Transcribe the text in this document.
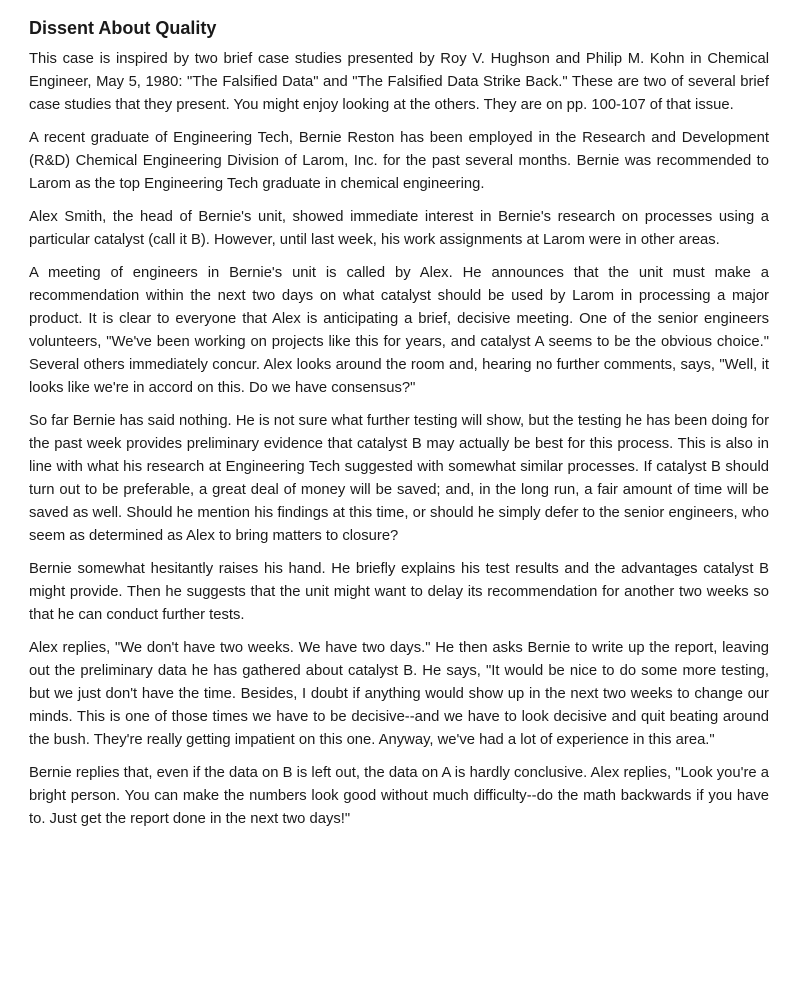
Dissent About Quality

This case is inspired by two brief case studies presented by Roy V. Hughson and Philip M. Kohn in Chemical Engineer, May 5, 1980: "The Falsified Data" and "The Falsified Data Strike Back." These are two of several brief case studies that they present. You might enjoy looking at the others. They are on pp. 100-107 of that issue.

A recent graduate of Engineering Tech, Bernie Reston has been employed in the Research and Development (R&D) Chemical Engineering Division of Larom, Inc. for the past several months. Bernie was recommended to Larom as the top Engineering Tech graduate in chemical engineering.

Alex Smith, the head of Bernie's unit, showed immediate interest in Bernie's research on processes using a particular catalyst (call it B). However, until last week, his work assignments at Larom were in other areas.

A meeting of engineers in Bernie's unit is called by Alex. He announces that the unit must make a recommendation within the next two days on what catalyst should be used by Larom in processing a major product. It is clear to everyone that Alex is anticipating a brief, decisive meeting. One of the senior engineers volunteers, "We've been working on projects like this for years, and catalyst A seems to be the obvious choice." Several others immediately concur. Alex looks around the room and, hearing no further comments, says, "Well, it looks like we're in accord on this. Do we have consensus?"

So far Bernie has said nothing. He is not sure what further testing will show, but the testing he has been doing for the past week provides preliminary evidence that catalyst B may actually be best for this process. This is also in line with what his research at Engineering Tech suggested with somewhat similar processes. If catalyst B should turn out to be preferable, a great deal of money will be saved; and, in the long run, a fair amount of time will be saved as well. Should he mention his findings at this time, or should he simply defer to the senior engineers, who seem as determined as Alex to bring matters to closure?

Bernie somewhat hesitantly raises his hand. He briefly explains his test results and the advantages catalyst B might provide. Then he suggests that the unit might want to delay its recommendation for another two weeks so that he can conduct further tests.

Alex replies, "We don't have two weeks. We have two days." He then asks Bernie to write up the report, leaving out the preliminary data he has gathered about catalyst B. He says, "It would be nice to do some more testing, but we just don't have the time. Besides, I doubt if anything would show up in the next two weeks to change our minds. This is one of those times we have to be decisive--and we have to look decisive and quit beating around the bush. They're really getting impatient on this one. Anyway, we've had a lot of experience in this area."

Bernie replies that, even if the data on B is left out, the data on A is hardly conclusive. Alex replies, "Look you're a bright person. You can make the numbers look good without much difficulty--do the math backwards if you have to. Just get the report done in the next two days!"
